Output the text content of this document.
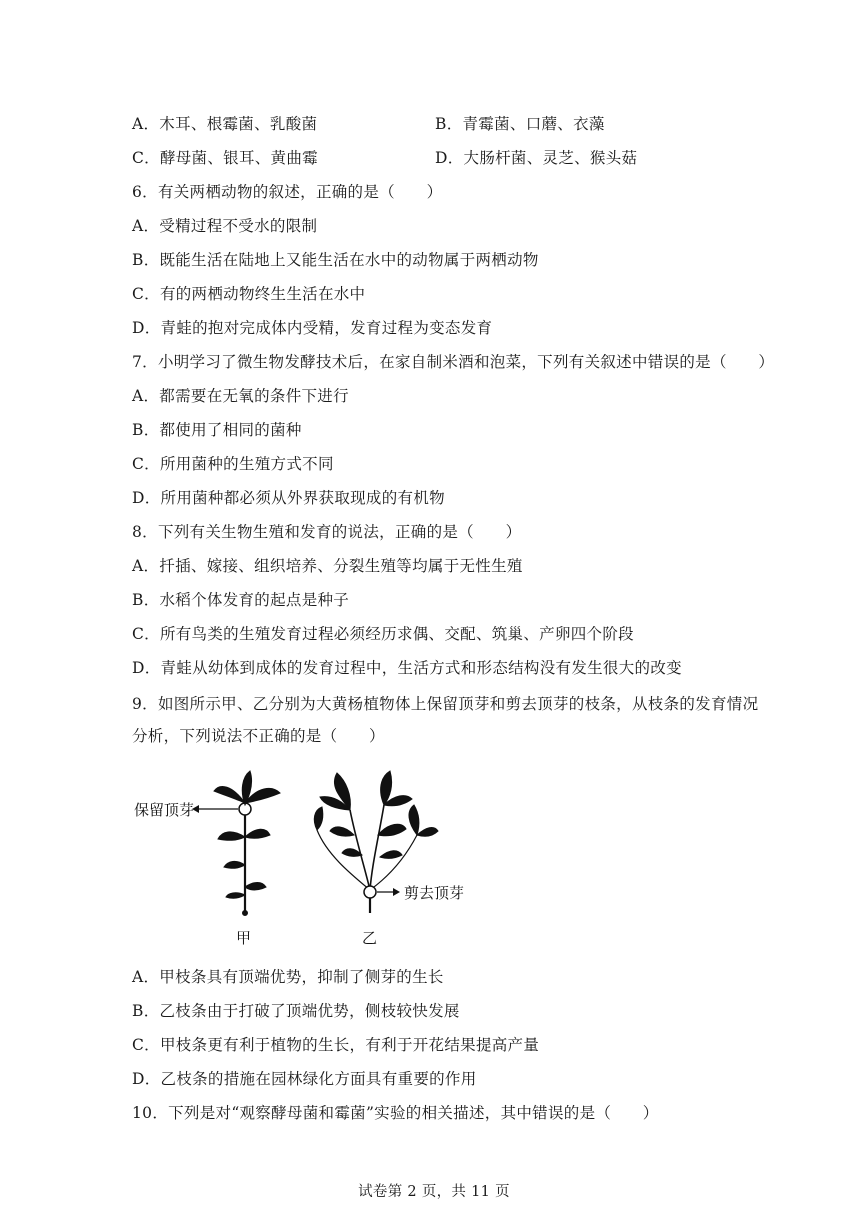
A．木耳、根霉菌、乳酸菌	B．青霉菌、口蘑、衣藻
C．酵母菌、银耳、黄曲霉	D．大肠杆菌、灵芝、猴头菇
6．有关两栖动物的叙述，正确的是（　　）
A．受精过程不受水的限制
B．既能生活在陆地上又能生活在水中的动物属于两栖动物
C．有的两栖动物终生生活在水中
D．青蛙的抱对完成体内受精，发育过程为变态发育
7．小明学习了微生物发酵技术后，在家自制米酒和泡菜，下列有关叙述中错误的是（　　）
A．都需要在无氧的条件下进行
B．都使用了相同的菌种
C．所用菌种的生殖方式不同
D．所用菌种都必须从外界获取现成的有机物
8．下列有关生物生殖和发育的说法，正确的是（　　）
A．扦插、嫁接、组织培养、分裂生殖等均属于无性生殖
B．水稻个体发育的起点是种子
C．所有鸟类的生殖发育过程必须经历求偶、交配、筑巢、产卵四个阶段
D．青蛙从幼体到成体的发育过程中，生活方式和形态结构没有发生很大的改变
9．如图所示甲、乙分别为大黄杨植物体上保留顶芽和剪去顶芽的枝条，从枝条的发育情况
分析，下列说法不正确的是（　　）
保留顶芽
甲
剪去顶芽
乙
A．甲枝条具有顶端优势，抑制了侧芽的生长
B．乙枝条由于打破了顶端优势，侧枝较快发展
C．甲枝条更有利于植物的生长，有利于开花结果提高产量
D．乙枝条的措施在园林绿化方面具有重要的作用
10．下列是对“观察酵母菌和霉菌”实验的相关描述，其中错误的是（　　）
试卷第 2 页，共 11 页
